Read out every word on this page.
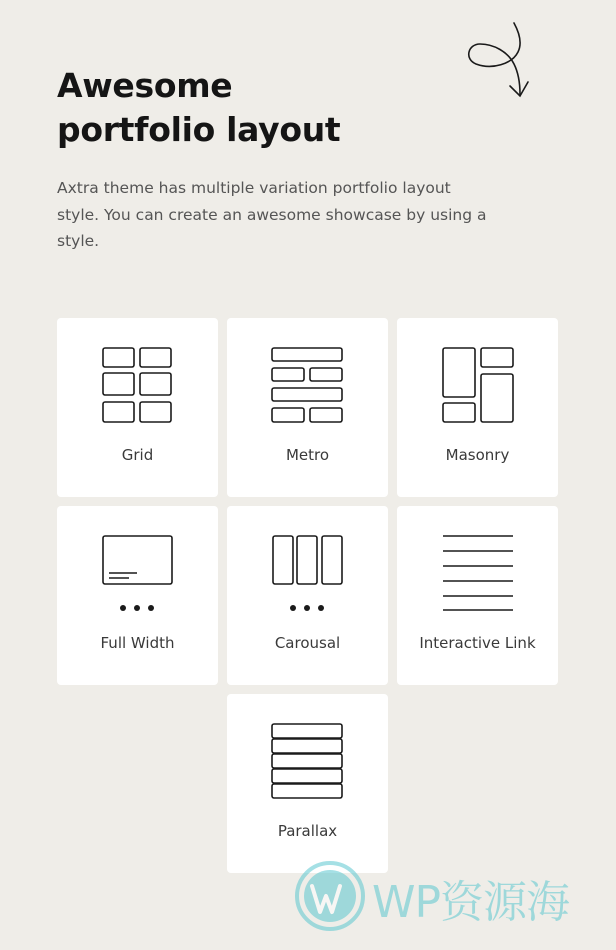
Awesome
portfolio layout

Axtra theme has multiple variation portfolio layout style. You can create an awesome showcase by using a style.

Grid	Metro	Masonry
Full Width	Carousal	Interactive Link
Parallax
WP资源海
